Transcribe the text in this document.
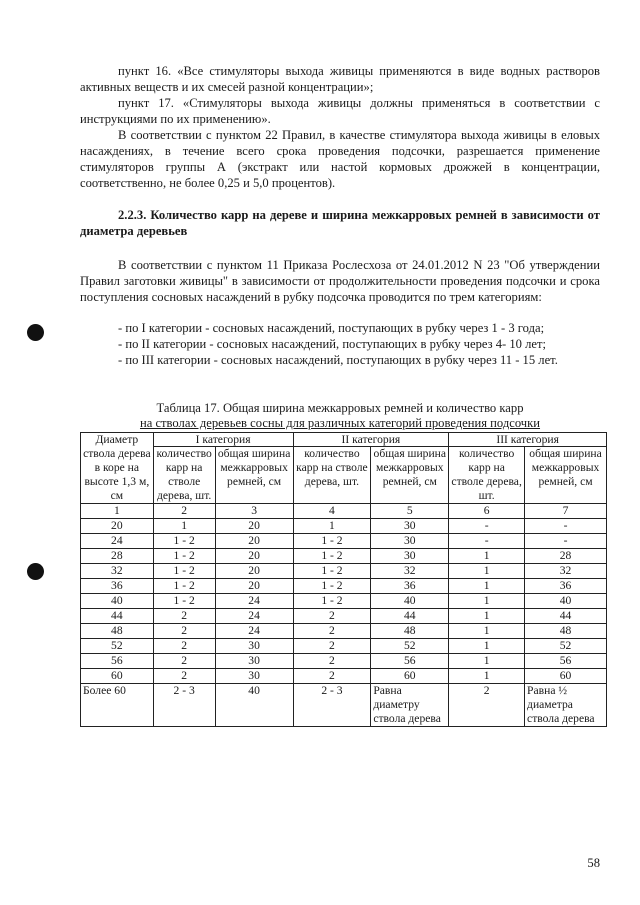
пункт 16. «Все стимуляторы выхода живицы применяются в виде водных растворов активных веществ и их смесей разной концентрации»;

пункт 17. «Стимуляторы выхода живицы должны применяться в соответствии с инструкциями по их применению».

В соответствии с пунктом 22 Правил, в качестве стимулятора выхода живицы в еловых насаждениях, в течение всего срока проведения подсочки, разрешается применение стимуляторов группы А (экстракт или настой кормовых дрожжей в концентрации, соответственно, не более 0,25 и 5,0 процентов).

2.2.3. Количество карр на дереве и ширина межкарровых ремней в зависимости от диаметра деревьев

В соответствии с пунктом 11 Приказа Рослесхоза от 24.01.2012 N 23 "Об утверждении Правил заготовки живицы" в зависимости от продолжительности проведения подсочки и срока поступления сосновых насаждений в рубку подсочка проводится по трем категориям:

- по I категории - сосновых насаждений, поступающих в рубку через 1 - 3 года;

- по II категории - сосновых насаждений, поступающих в рубку через 4- 10 лет;

- по III категории - сосновых насаждений, поступающих в рубку через 11 - 15 лет.

Таблица 17. Общая ширина межкарровых ремней и количество карр
на стволах деревьев сосны для различных категорий проведения подсочки
Диаметр ствола дерева в коре на высоте 1,3 м, см	I категория		II категория		III категория	
	количество карр на стволе дерева, шт.	общая ширина межкарровых ремней, см	количество карр на стволе дерева, шт.	общая ширина межкарровых ремней, см	количество карр на стволе дерева, шт.	общая ширина межкарровых ремней, см
1	2	3	4	5	6	7
20	1	20	1	30	-	-
24	1 - 2	20	1 - 2	30	-	-
28	1 - 2	20	1 - 2	30	1	28
32	1 - 2	20	1 - 2	32	1	32
36	1 - 2	20	1 - 2	36	1	36
40	1 - 2	24	1 - 2	40	1	40
44	2	24	2	44	1	44
48	2	24	2	48	1	48
52	2	30	2	52	1	52
56	2	30	2	56	1	56
60	2	30	2	60	1	60
Более 60	2 - 3	40	2 - 3	Равна диаметру ствола дерева	2	Равна ½ диаметра ствола дерева
58
